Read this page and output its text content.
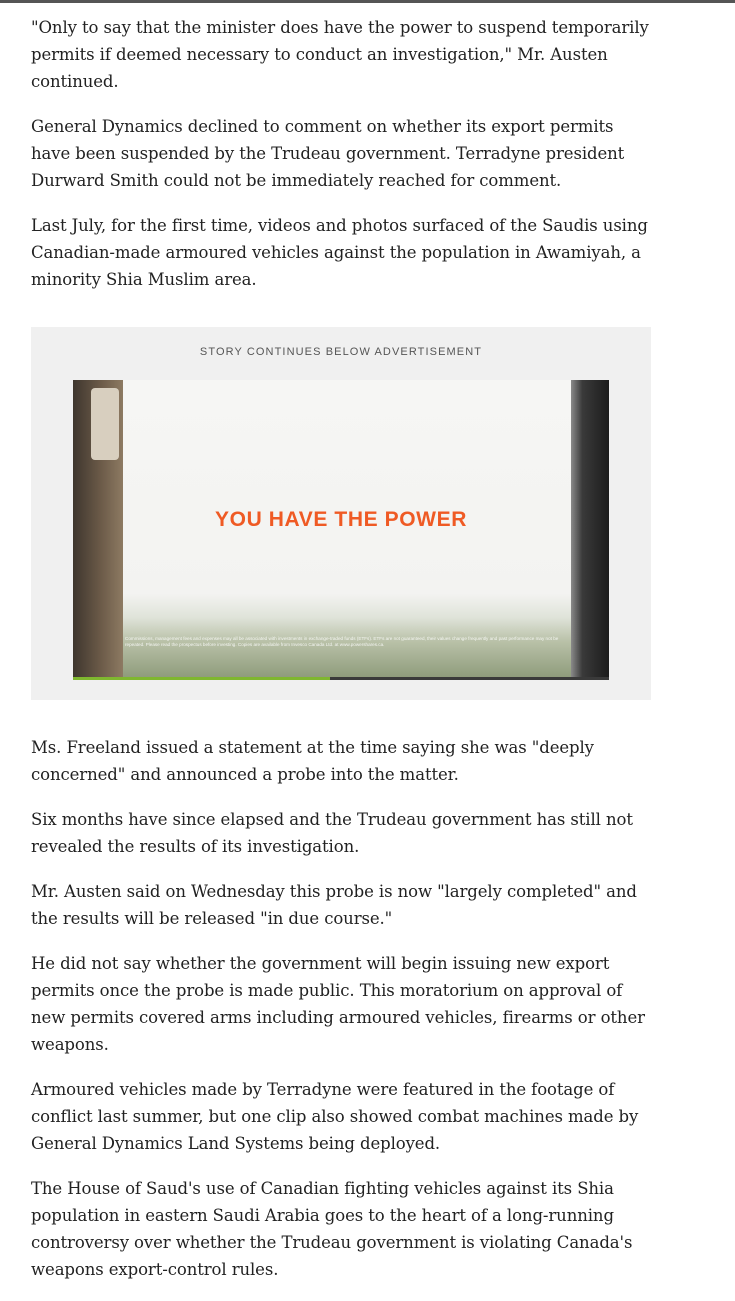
"Only to say that the minister does have the power to suspend temporarily permits if deemed necessary to conduct an investigation," Mr. Austen continued.

General Dynamics declined to comment on whether its export permits have been suspended by the Trudeau government. Terradyne president Durward Smith could not be immediately reached for comment.

Last July, for the first time, videos and photos surfaced of the Saudis using Canadian-made armoured vehicles against the population in Awamiyah, a minority Shia Muslim area.

STORY CONTINUES BELOW ADVERTISEMENT
YOU HAVE THE POWER
Commissions, management fees and expenses may all be associated with investments in exchange-traded funds (ETFs). ETFs are not guaranteed, their values change frequently and past performance may not be repeated. Please read the prospectus before investing. Copies are available from Invesco Canada Ltd. at www.powershares.ca.

Ms. Freeland issued a statement at the time saying she was "deeply concerned" and announced a probe into the matter.

Six months have since elapsed and the Trudeau government has still not revealed the results of its investigation.

Mr. Austen said on Wednesday this probe is now "largely completed" and the results will be released "in due course."

He did not say whether the government will begin issuing new export permits once the probe is made public. This moratorium on approval of new permits covered arms including armoured vehicles, firearms or other weapons.

Armoured vehicles made by Terradyne were featured in the footage of conflict last summer, but one clip also showed combat machines made by General Dynamics Land Systems being deployed.

The House of Saud's use of Canadian fighting vehicles against its Shia population in eastern Saudi Arabia goes to the heart of a long-running controversy over whether the Trudeau government is violating Canada's weapons export-control rules.
